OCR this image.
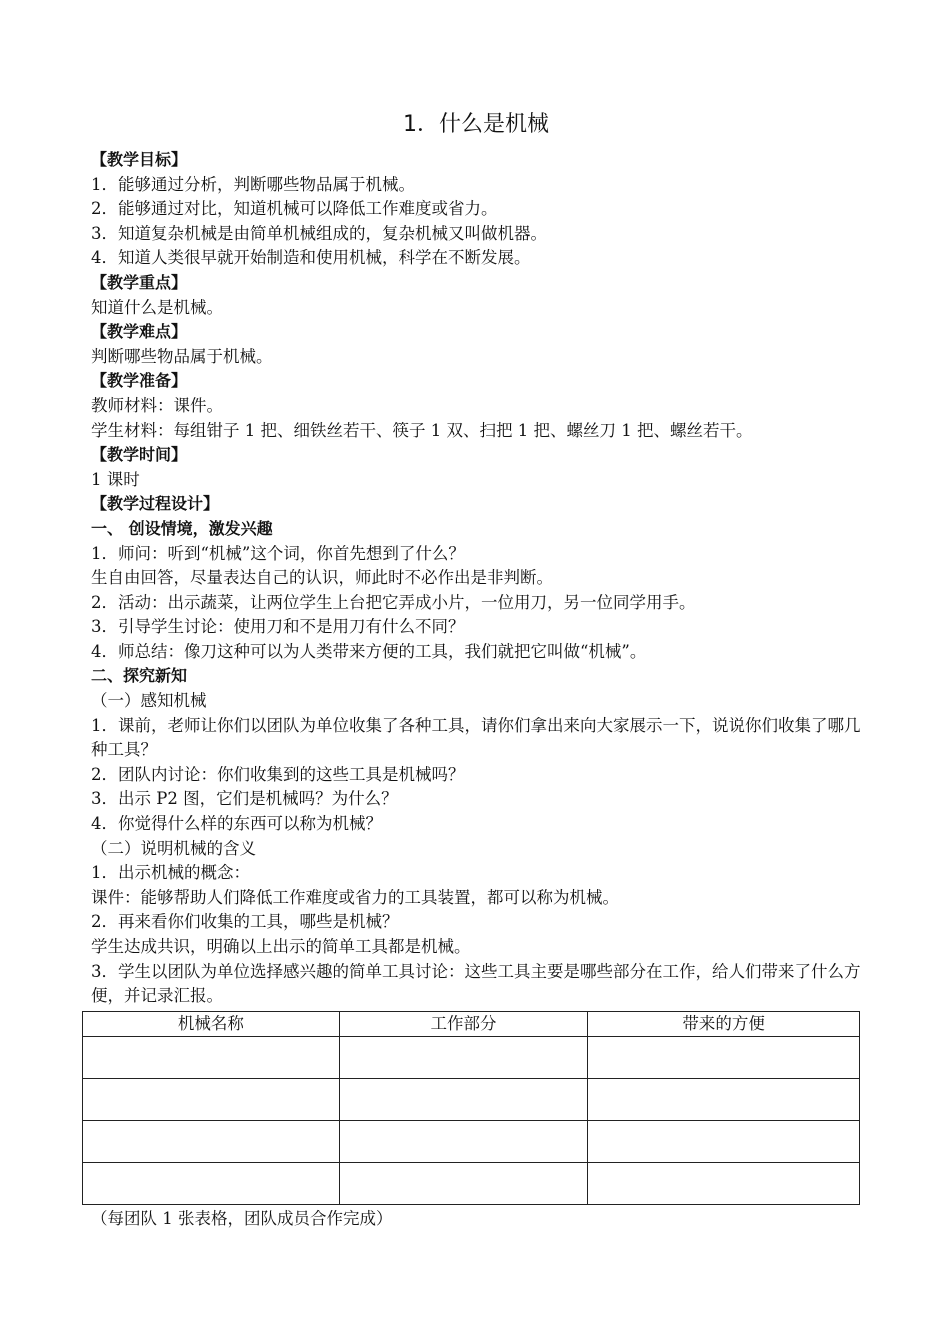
1．什么是机械
【教学目标】
1．能够通过分析，判断哪些物品属于机械。
2．能够通过对比，知道机械可以降低工作难度或省力。
3．知道复杂机械是由简单机械组成的，复杂机械又叫做机器。
4．知道人类很早就开始制造和使用机械，科学在不断发展。
【教学重点】
知道什么是机械。
【教学难点】
判断哪些物品属于机械。
【教学准备】
教师材料：课件。
学生材料：每组钳子 1 把、细铁丝若干、筷子 1 双、扫把 1 把、螺丝刀 1 把、螺丝若干。
【教学时间】
1 课时
【教学过程设计】
一、 创设情境，激发兴趣
1．师问：听到“机械”这个词，你首先想到了什么？
生自由回答，尽量表达自己的认识，师此时不必作出是非判断。
2．活动：出示蔬菜，让两位学生上台把它弄成小片，一位用刀，另一位同学用手。
3．引导学生讨论：使用刀和不是用刀有什么不同？
4．师总结：像刀这种可以为人类带来方便的工具，我们就把它叫做“机械”。
二、探究新知
（一）感知机械
1．课前，老师让你们以团队为单位收集了各种工具，请你们拿出来向大家展示一下，说说你们收集了哪几种工具？
2．团队内讨论：你们收集到的这些工具是机械吗？
3．出示 P2 图，它们是机械吗？为什么？
4．你觉得什么样的东西可以称为机械？
（二）说明机械的含义
1．出示机械的概念：
课件：能够帮助人们降低工作难度或省力的工具装置，都可以称为机械。
2．再来看你们收集的工具，哪些是机械？
学生达成共识，明确以上出示的简单工具都是机械。
3．学生以团队为单位选择感兴趣的简单工具讨论：这些工具主要是哪些部分在工作，给人们带来了什么方便，并记录汇报。
机械名称	工作部分	带来的方便

（每团队 1 张表格，团队成员合作完成）
